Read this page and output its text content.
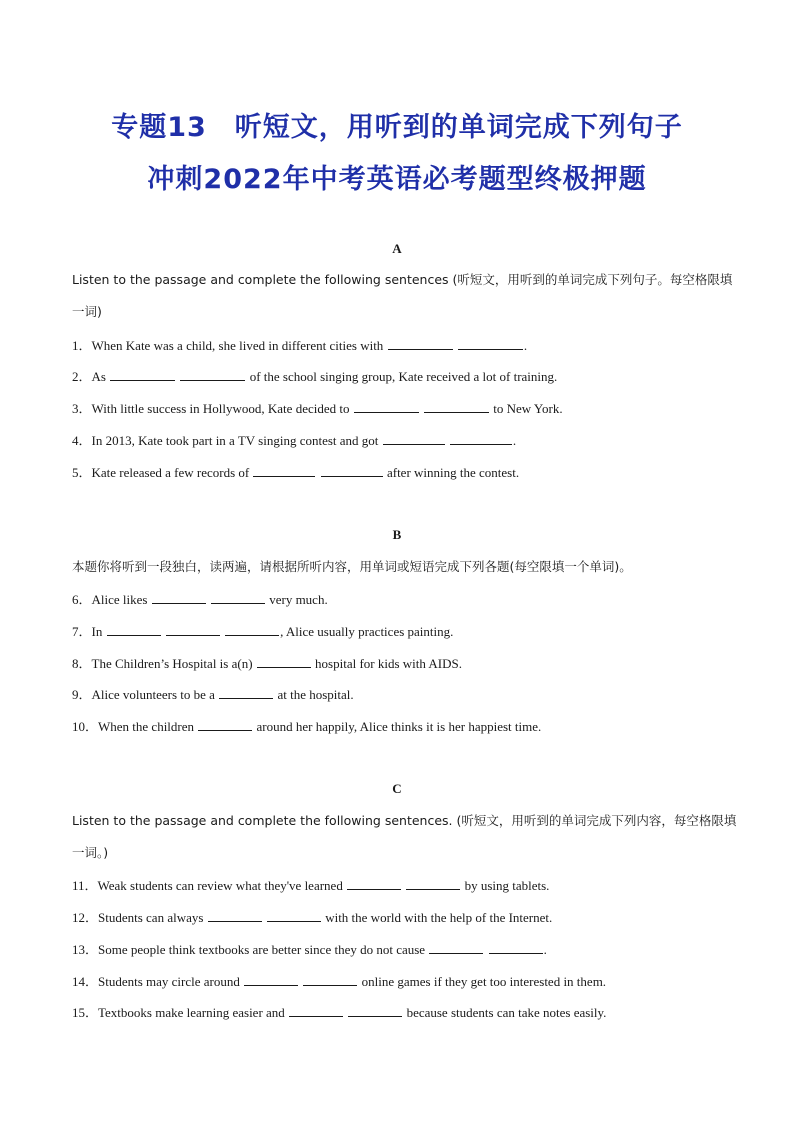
专题13　听短文，用听到的单词完成下列句子
冲刺2022年中考英语必考题型终极押题
A
Listen to the passage and complete the following sentences (听短文，用听到的单词完成下列句子。每空格限填
一词)
1．When Kate was a child, she lived in different cities with	.
2．As	of the school singing group, Kate received a lot of training.
3．With little success in Hollywood, Kate decided to	to New York.
4．In 2013, Kate took part in a TV singing contest and got	.
5．Kate released a few records of	after winning the contest.
B
本题你将听到一段独白，读两遍，请根据所听内容，用单词或短语完成下列各题(每空限填一个单词)。
6．Alice likes	very much.
7．In	, Alice usually practices painting.
8．The Children’s Hospital is a(n)	hospital for kids with AIDS.
9．Alice volunteers to be a	at the hospital.
10．When the children	around her happily, Alice thinks it is her happiest time.
C
Listen to the passage and complete the following sentences. (听短文，用听到的单词完成下列内容，每空格限填
一词。)
11．Weak students can review what they've learned	by using tablets.
12．Students can always	with the world with the help of the Internet.
13．Some people think textbooks are better since they do not cause	.
14．Students may circle around	online games if they get too interested in them.
15．Textbooks make learning easier and	because students can take notes easily.
